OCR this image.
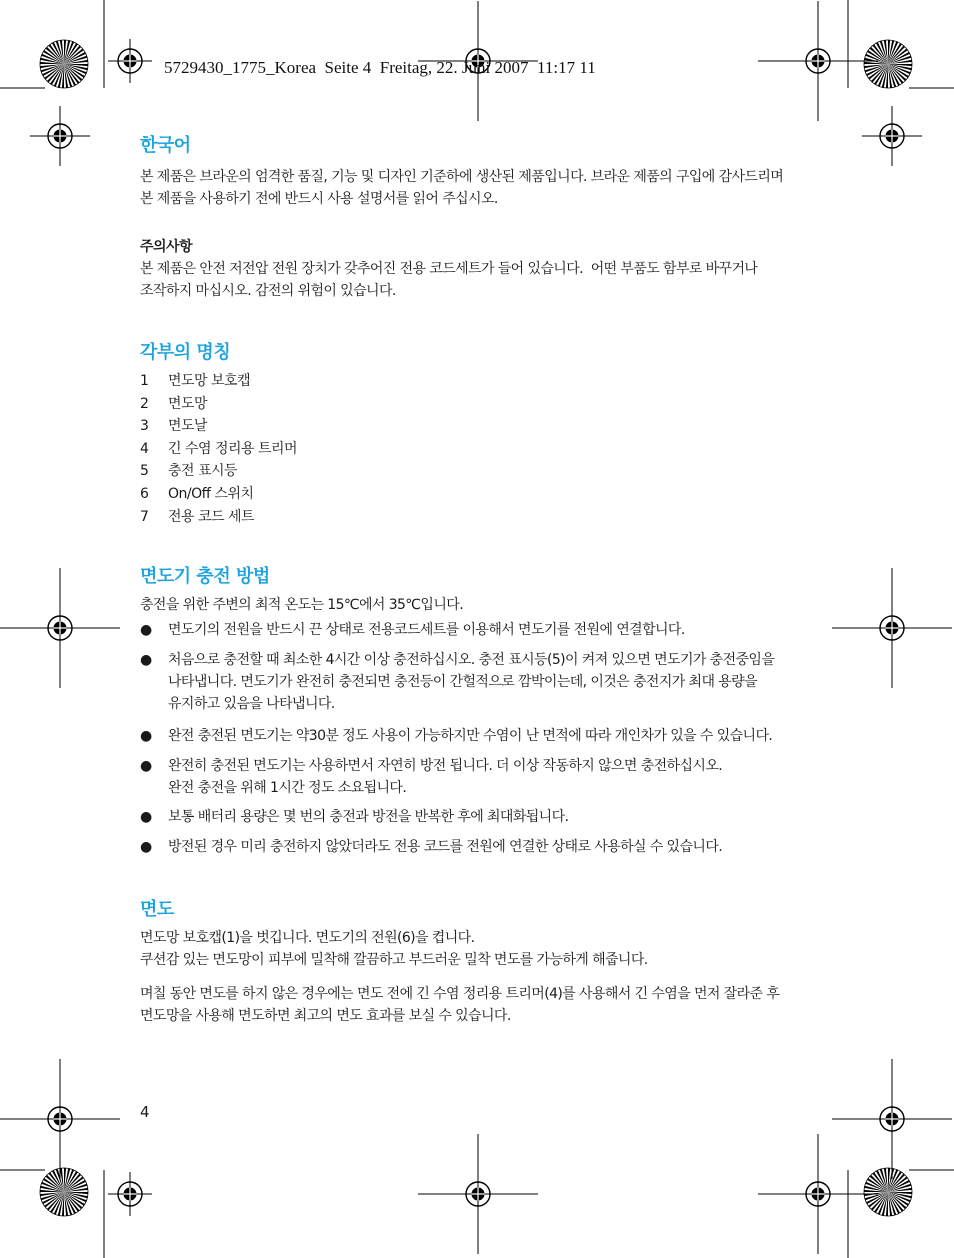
5729430_1775_Korea  Seite 4  Freitag, 22. Juni 2007  11:17 11
한국어

본 제품은 브라운의 엄격한 품질, 기능 및 디자인 기준하에 생산된 제품입니다. 브라운 제품의 구입에 감사드리며
본 제품을 사용하기 전에 반드시 사용 설명서를 읽어 주십시오.

주의사항

본 제품은 안전 저전압 전원 장치가 갖추어진 전용 코드세트가 들어 있습니다.  어떤 부품도 함부로 바꾸거나
조작하지 마십시오. 감전의 위험이 있습니다.

각부의 명칭
1 면도망 보호캡
2 면도망
3 면도날
4 긴 수염 정리용 트리머
5 충전 표시등
6 On/Off 스위치
7 전용 코드 세트
면도기 충전 방법

충전을 위한 주변의 최적 온도는 15℃에서 35℃입니다.

● 면도기의 전원을 반드시 끈 상태로 전용코드세트를 이용해서 면도기를 전원에 연결합니다.
● 처음으로 충전할 때 최소한 4시간 이상 충전하십시오. 충전 표시등(5)이 켜져 있으면 면도기가 충전중임을
나타냅니다. 면도기가 완전히 충전되면 충전등이 간헐적으로 깜박이는데, 이것은 충전지가 최대 용량을
유지하고 있음을 나타냅니다.
● 완전 충전된 면도기는 약30분 정도 사용이 가능하지만 수염이 난 면적에 따라 개인차가 있을 수 있습니다.
● 완전히 충전된 면도기는 사용하면서 자연히 방전 됩니다. 더 이상 작동하지 않으면 충전하십시오.
완전 충전을 위해 1시간 정도 소요됩니다.
● 보통 배터리 용량은 몇 번의 충전과 방전을 반복한 후에 최대화됩니다.
● 방전된 경우 미리 충전하지 않았더라도 전용 코드를 전원에 연결한 상태로 사용하실 수 있습니다.
면도

면도망 보호캡(1)을 벗깁니다. 면도기의 전원(6)을 켭니다.
쿠션감 있는 면도망이 피부에 밀착해 깔끔하고 부드러운 밀착 면도를 가능하게 해줍니다.

며칠 동안 면도를 하지 않은 경우에는 면도 전에 긴 수염 정리용 트리머(4)를 사용해서 긴 수염을 먼저 잘라준 후
면도망을 사용해 면도하면 최고의 면도 효과를 보실 수 있습니다.

4
